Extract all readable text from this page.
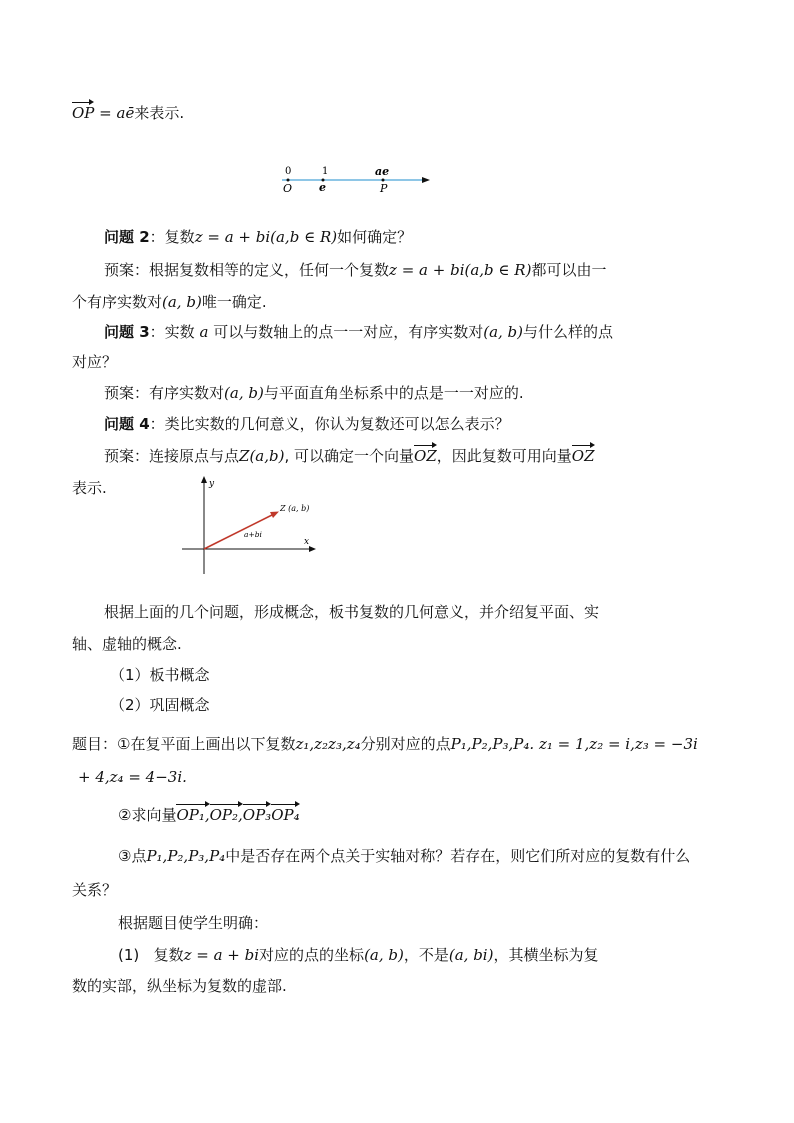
OP = aē来表示.
0	1	ae
O e	P
问题 2：复数z = a + bi(a,b ∈ R)如何确定？
预案：根据复数相等的定义，任何一个复数z = a + bi(a,b ∈ R)都可以由一
个有序实数对(a, b)唯一确定.
问题 3：实数 a 可以与数轴上的点一一对应，有序实数对(a, b)与什么样的点
对应？
预案：有序实数对(a, b)与平面直角坐标系中的点是一一对应的.
问题 4：类比实数的几何意义，你认为复数还可以怎么表示？
预案：连接原点与点Z(a,b), 可以确定一个向量OZ，因此复数可用向量OZ
表示.	y
x
Z (a, b)
a+bi
根据上面的几个问题，形成概念，板书复数的几何意义，并介绍复平面、实
轴、虚轴的概念.
（1）板书概念
（2）巩固概念
题目：①在复平面上画出以下复数z₁,z₂z₃,z₄分别对应的点P₁,P₂,P₃,P₄. z₁ = 1,z₂ = i,z₃ = −3i
+ 4,z₄ = 4−3i.
②求向量OP₁,OP₂,OP₃OP₄
③点P₁,P₂,P₃,P₄中是否存在两个点关于实轴对称？若存在，则它们所对应的复数有什么
关系？
根据题目使学生明确：
(1) 复数z = a + bi对应的点的坐标(a, b)，不是(a, bi)，其横坐标为复
数的实部，纵坐标为复数的虚部.
